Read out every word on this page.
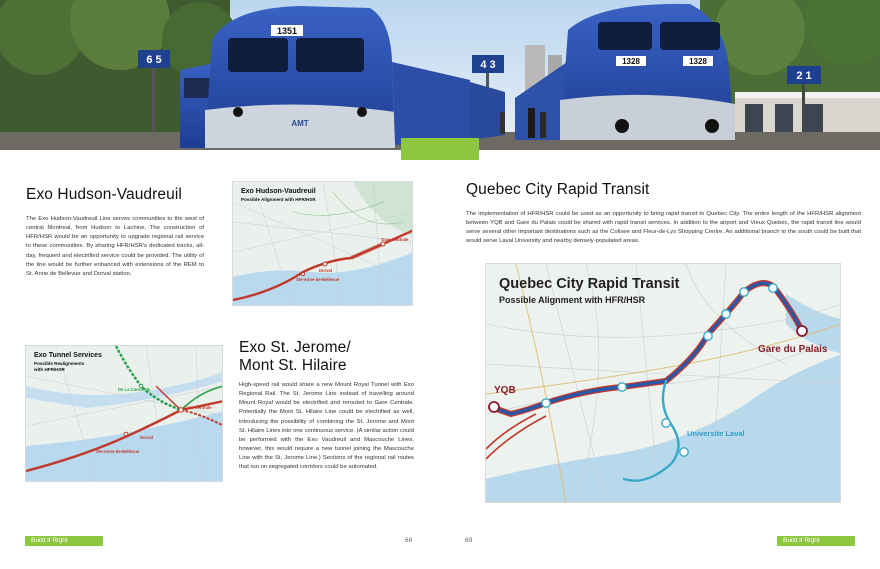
6 5	4 3
2 1
1351
AMT
1328	1328
Exo Hudson-Vaudreuil
The Exo Hudson-Vaudreuil Line serves communities to the west of central Montreal, from Hudson to Lachine. The construction of HFR/HSR would be an opportunity to upgrade regional rail service to these communities. By sharing HFR/HSR's dedicated tracks, all-day, frequent and electrified service could be provided. The utility of the line would be further enhanced with extensions of the REM to St. Anne de Bellevue and Dorval station.
Exo Hudson-Vaudreuil
Possible Alignment with HFR/HSR
Gare Centrale
Dorval
Ste-Anne-de-Bellevue
Exo Tunnel Services
Possible Realignments
with HFR/HSR
De La Concorde
Gare Centrale
Dorval
Ste-Anne-de-Bellevue
Exo St. Jerome/
Mont St. Hilaire
High-speed rail would share a new Mount Royal Tunnel with Exo Regional Rail. The St. Jerome Line instead of travelling around Mount Royal would be electrified and rerouted to Gare Centrale. Potentially the Mont St. Hilaire Line could be electrified as well, introducing the possibility of combining the St. Jerome and Mont St. Hilaire Lines into one continuous service. (A similar action could be performed with the Exo Vaudreuil and Mascouche Lines, however, this would require a new tunnel joining the Mascouche Line with the St. Jerome Line.) Sections of the regional rail routes that run on segregated corridors could be automated.
Quebec City Rapid Transit
The implementation of HFR/HSR could be used as an opportunity to bring rapid transit to Quebec City. The entire length of the HFR/HSR alignment between YQB and Gare du Palais could be shared with rapid transit services. In addition to the airport and Vieux Quebec, the rapid transit line would serve several other important destinations such as the Colisee and Fleur-de-Lys Shopping Centre. An additional branch to the south could be built that would serve Laval University and nearby densely-populated areas.
Quebec City Rapid Transit
Possible Alignment with HFR/HSR
YQB
Gare du Palais
Universite Laval
Build it Right	68	69	Build it Right
